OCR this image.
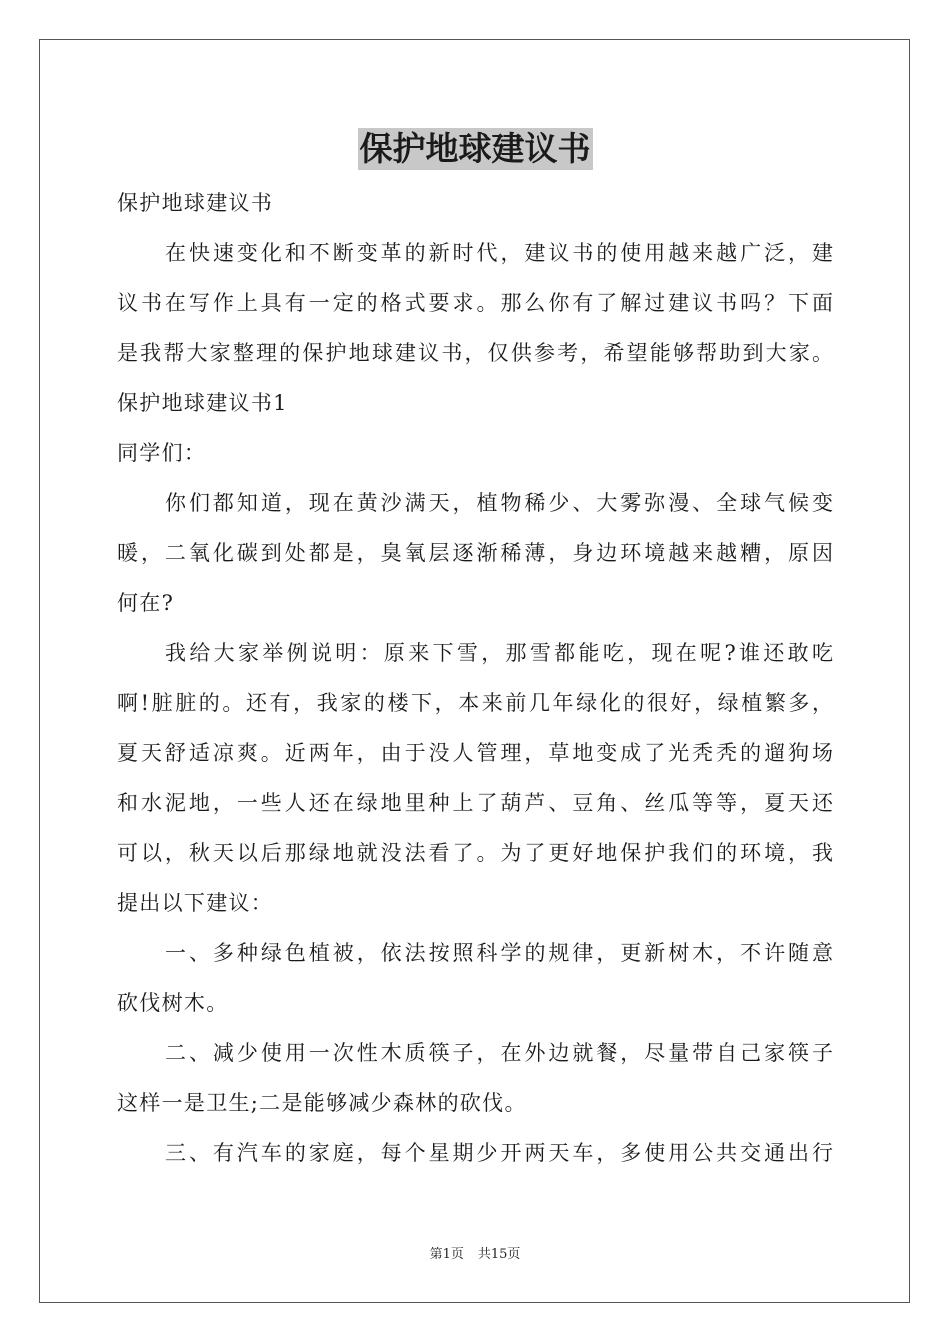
保护地球建议书
保护地球建议书
在快速变化和不断变革的新时代，建议书的使用越来越广泛，建
议书在写作上具有一定的格式要求。那么你有了解过建议书吗？下面
是我帮大家整理的保护地球建议书，仅供参考，希望能够帮助到大家。
保护地球建议书1
同学们：
你们都知道，现在黄沙满天，植物稀少、大雾弥漫、全球气候变
暖，二氧化碳到处都是，臭氧层逐渐稀薄，身边环境越来越糟，原因
何在?
我给大家举例说明：原来下雪，那雪都能吃，现在呢?谁还敢吃
啊!脏脏的。还有，我家的楼下，本来前几年绿化的很好，绿植繁多，
夏天舒适凉爽。近两年，由于没人管理，草地变成了光秃秃的遛狗场
和水泥地，一些人还在绿地里种上了葫芦、豆角、丝瓜等等，夏天还
可以，秋天以后那绿地就没法看了。为了更好地保护我们的环境，我
提出以下建议：
一、多种绿色植被，依法按照科学的规律，更新树木，不许随意
砍伐树木。
二、减少使用一次性木质筷子，在外边就餐，尽量带自己家筷子
这样一是卫生;二是能够减少森林的砍伐。
三、有汽车的家庭，每个星期少开两天车，多使用公共交通出行
第1页 共15页
